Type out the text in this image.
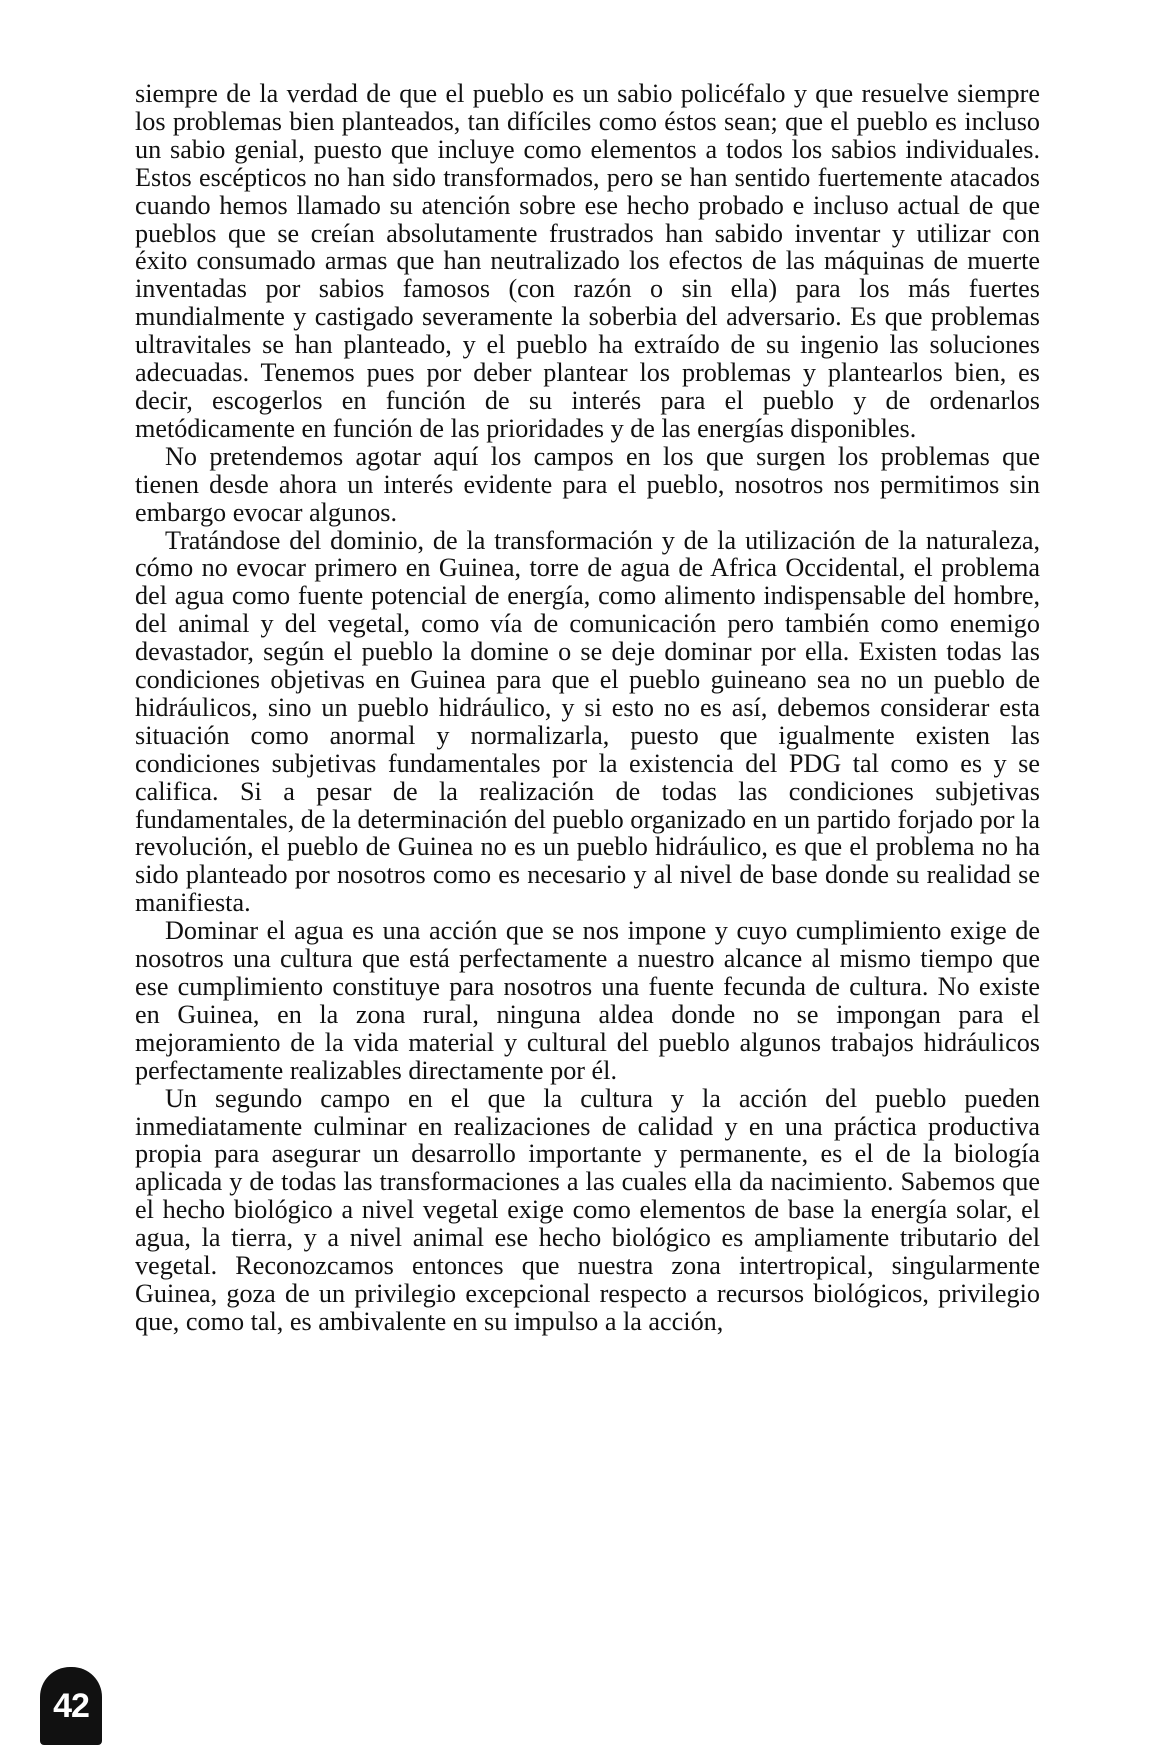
siempre de la verdad de que el pueblo es un sabio policéfalo y que resuelve siempre los problemas bien planteados, tan difíciles como éstos sean; que el pueblo es incluso un sabio genial, puesto que incluye como elementos a todos los sabios individuales. Estos escépticos no han sido transformados, pero se han sentido fuertemente atacados cuando hemos llamado su atención sobre ese hecho probado e incluso actual de que pueblos que se creían absolutamente frustrados han sabido inventar y utilizar con éxito consumado armas que han neutralizado los efectos de las máquinas de muerte inventadas por sabios famosos (con razón o sin ella) para los más fuertes mundialmente y castigado severamente la soberbia del adversario. Es que problemas ultravitales se han planteado, y el pueblo ha extraído de su ingenio las soluciones adecuadas. Tenemos pues por deber plantear los problemas y plantearlos bien, es decir, escogerlos en función de su interés para el pueblo y de ordenarlos metódicamente en función de las prioridades y de las energías disponibles.

No pretendemos agotar aquí los campos en los que surgen los problemas que tienen desde ahora un interés evidente para el pueblo, nosotros nos permitimos sin embargo evocar algunos.

Tratándose del dominio, de la transformación y de la utilización de la naturaleza, cómo no evocar primero en Guinea, torre de agua de Africa Occidental, el problema del agua como fuente potencial de energía, como alimento indispensable del hombre, del animal y del vegetal, como vía de comunicación pero también como enemigo devastador, según el pueblo la domine o se deje dominar por ella. Existen todas las condiciones objetivas en Guinea para que el pueblo guineano sea no un pueblo de hidráulicos, sino un pueblo hidráulico, y si esto no es así, debemos considerar esta situación como anormal y normalizarla, puesto que igualmente existen las condiciones subjetivas fundamentales por la existencia del PDG tal como es y se califica. Si a pesar de la realización de todas las condiciones subjetivas fundamentales, de la determinación del pueblo organizado en un partido forjado por la revolución, el pueblo de Guinea no es un pueblo hidráulico, es que el problema no ha sido planteado por nosotros como es necesario y al nivel de base donde su realidad se manifiesta.

Dominar el agua es una acción que se nos impone y cuyo cumplimiento exige de nosotros una cultura que está perfectamente a nuestro alcance al mismo tiempo que ese cumplimiento constituye para nosotros una fuente fecunda de cultura. No existe en Guinea, en la zona rural, ninguna aldea donde no se impongan para el mejoramiento de la vida material y cultural del pueblo algunos trabajos hidráulicos perfectamente realizables directamente por él.

Un segundo campo en el que la cultura y la acción del pueblo pueden inmediatamente culminar en realizaciones de calidad y en una práctica productiva propia para asegurar un desarrollo importante y permanente, es el de la biología aplicada y de todas las transformaciones a las cuales ella da nacimiento. Sabemos que el hecho biológico a nivel vegetal exige como elementos de base la energía solar, el agua, la tierra, y a nivel animal ese hecho biológico es ampliamente tributario del vegetal. Reconozcamos entonces que nuestra zona intertropical, singularmente Guinea, goza de un privilegio excepcional respecto a recursos biológicos, privilegio que, como tal, es ambivalente en su impulso a la acción,

42
